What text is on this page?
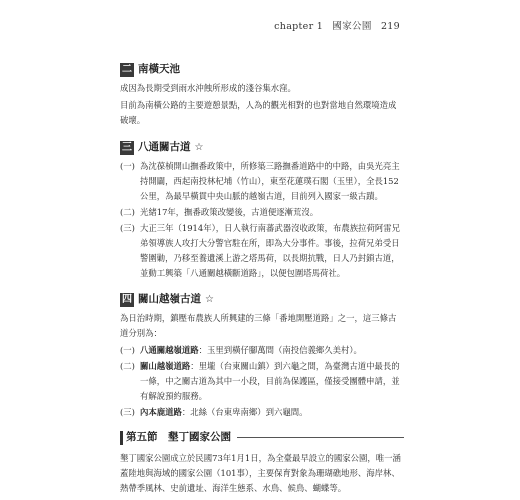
chapter 1 國家公園 219
二 南橫天池

成因為長期受到雨水沖蝕所形成的淺谷集水窪。

目前為南橫公路的主要遊憩景點，人為的觀光相對的也對當地自然環境造成破壞。

三 八通關古道 ☆
(一) 為沈葆楨開山撫番政策中，所修築三路撫番道路中的中路，由吳光亮主持開闢，西起南投林杞埔（竹山），東至花蓮璞石閣（玉里），全長152公里，為最早橫貫中央山脈的越嶺古道，目前列入國家一級古蹟。
(二) 光緒17年，撫番政策改變後，古道便逐漸荒沒。
(三) 大正三年（1914年），日人執行南蕃武器沒收政策，布農族拉荷阿雷兄弟領導族人攻打大分警官駐在所，即為大分事件。事後，拉荷兄弟受日警圍勦，乃移至養遺溪上游之塔馬荷，以長期抗戰，日人乃封鎖古道，並動工興築「八通關越橫斷道路」，以便包圍塔馬荷社。
四 關山越嶺古道 ☆

為日治時期，鎮壓布農族人所興建的三條「番地開壓道路」之一，這三條古道分別為：

(一) 八通關越嶺道路：玉里到橫仔腳萬間（南投信義鄉久美村）。
(二) 關山越嶺道路：里壠（台東關山鎮）到六龜之間，為臺灣古道中最長的一條，中之關古道為其中一小段，目前為保護區，僅接受團體申請，並有解說預約服務。
(三) 內本鹿道路：北絲（台東卑南鄉）到六龜間。
第五節　墾丁國家公園

墾丁國家公園成立於民國73年1月1日，為全臺最早設立的國家公園，唯一涵蓋陸地與海域的國家公園（101事），主要保育對象為珊瑚礁地形、海岸林、熱帶季風林、史前遺址、海洋生態系、水鳥、候鳥、蝴蝶等。
